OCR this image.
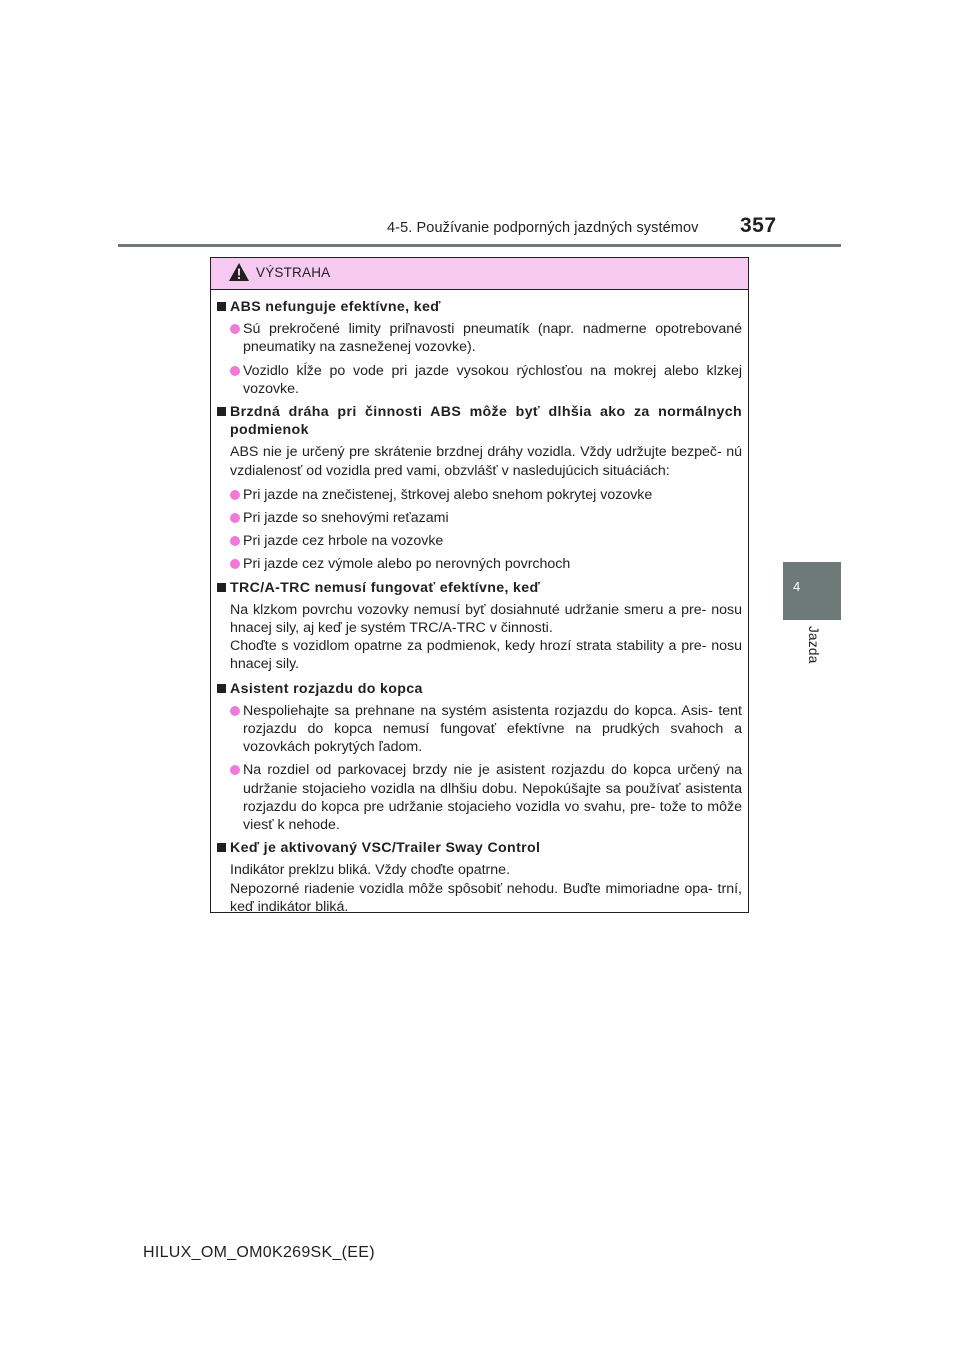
4-5. Používanie podporných jazdných systémov 357
4
Jazda
VÝSTRAHA
ABS nefunguje efektívne, keď
Sú prekročené limity priľnavosti pneumatík (napr. nadmerne opotrebované pneumatiky na zasneženej vozovke).
Vozidlo kĺže po vode pri jazde vysokou rýchlosťou na mokrej alebo klzkej vozovke.
Brzdná dráha pri činnosti ABS môže byť dlhšia ako za normálnych podmienok
ABS nie je určený pre skrátenie brzdnej dráhy vozidla. Vždy udržujte bezpeč- nú vzdialenosť od vozidla pred vami, obzvlášť v nasledujúcich situáciách:
Pri jazde na znečistenej, štrkovej alebo snehom pokrytej vozovke
Pri jazde so snehovými reťazami
Pri jazde cez hrbole na vozovke
Pri jazde cez výmole alebo po nerovných povrchoch
TRC/A-TRC nemusí fungovať efektívne, keď
Na klzkom povrchu vozovky nemusí byť dosiahnuté udržanie smeru a pre- nosu hnacej sily, aj keď je systém TRC/A-TRC v činnosti.
Choďte s vozidlom opatrne za podmienok, kedy hrozí strata stability a pre- nosu hnacej sily.
Asistent rozjazdu do kopca
Nespoliehajte sa prehnane na systém asistenta rozjazdu do kopca. Asis- tent rozjazdu do kopca nemusí fungovať efektívne na prudkých svahoch a vozovkách pokrytých ľadom.
Na rozdiel od parkovacej brzdy nie je asistent rozjazdu do kopca určený na udržanie stojacieho vozidla na dlhšiu dobu. Nepokúšajte sa používať asistenta rozjazdu do kopca pre udržanie stojacieho vozidla vo svahu, pre- tože to môže viesť k nehode.
Keď je aktivovaný VSC/Trailer Sway Control
Indikátor preklzu bliká. Vždy choďte opatrne.
Nepozorné riadenie vozidla môže spôsobiť nehodu. Buďte mimoriadne opa- trní, keď indikátor bliká.
HILUX_OM_OM0K269SK_(EE)
